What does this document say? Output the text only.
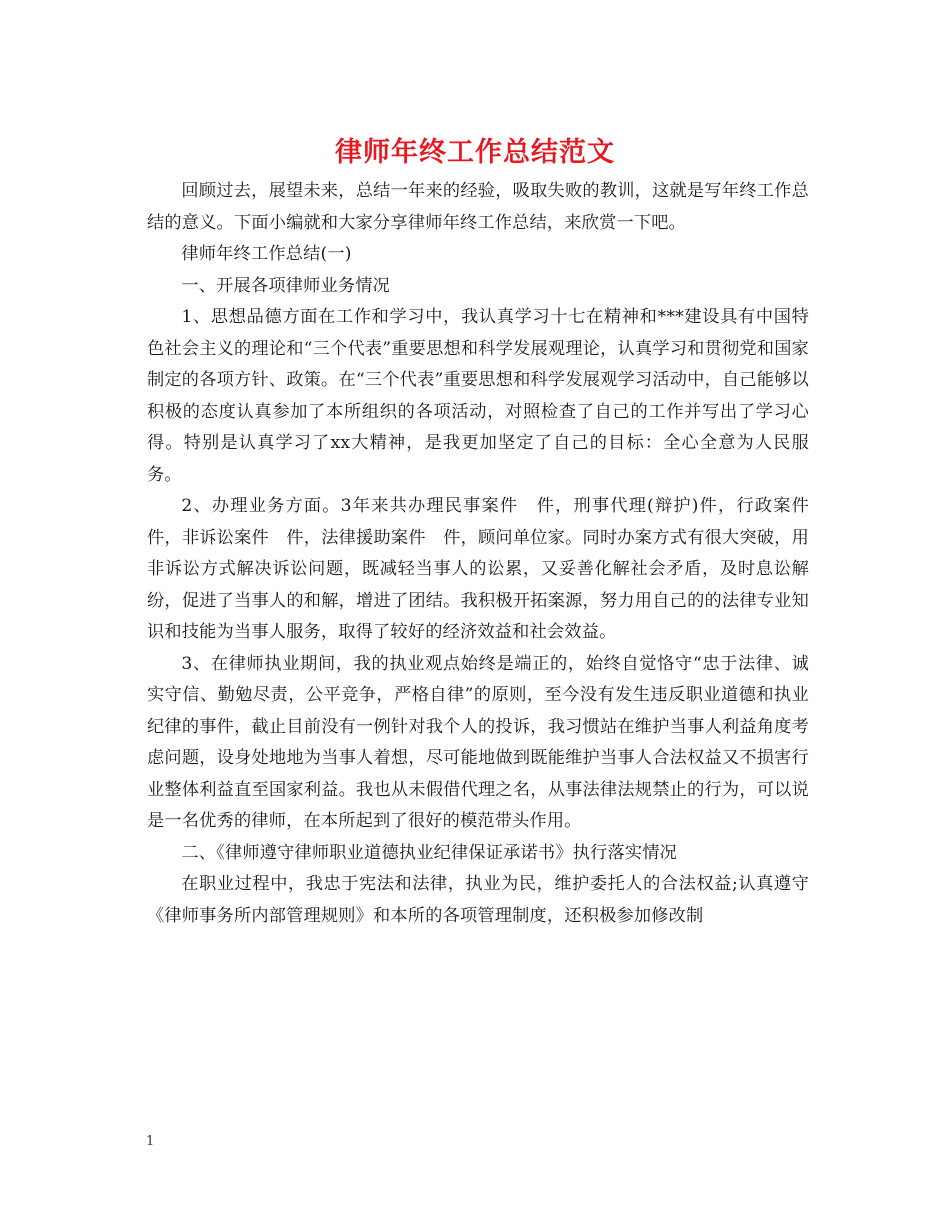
律师年终工作总结范文

回顾过去，展望未来，总结一年来的经验，吸取失败的教训，这就是写年终工作总结的意义。下面小编就和大家分享律师年终工作总结，来欣赏一下吧。

律师年终工作总结(一)

一、开展各项律师业务情况

1、思想品德方面在工作和学习中，我认真学习十七在精神和***建设具有中国特色社会主义的理论和“三个代表”重要思想和科学发展观理论，认真学习和贯彻党和国家制定的各项方针、政策。在“三个代表”重要思想和科学发展观学习活动中，自己能够以积极的态度认真参加了本所组织的各项活动，对照检查了自己的工作并写出了学习心得。特别是认真学习了xx大精神，是我更加坚定了自己的目标：全心全意为人民服务。

2、办理业务方面。3年来共办理民事案件　件，刑事代理(辩护)件，行政案件　件，非诉讼案件　件，法律援助案件　件，顾问单位家。同时办案方式有很大突破，用非诉讼方式解决诉讼问题，既减轻当事人的讼累，又妥善化解社会矛盾，及时息讼解纷，促进了当事人的和解，增进了团结。我积极开拓案源，努力用自己的的法律专业知识和技能为当事人服务，取得了较好的经济效益和社会效益。

3、在律师执业期间，我的执业观点始终是端正的，始终自觉恪守“忠于法律、诚实守信、勤勉尽责，公平竞争，严格自律”的原则，至今没有发生违反职业道德和执业纪律的事件，截止目前没有一例针对我个人的投诉，我习惯站在维护当事人利益角度考虑问题，设身处地地为当事人着想，尽可能地做到既能维护当事人合法权益又不损害行业整体利益直至国家利益。我也从未假借代理之名，从事法律法规禁止的行为，可以说是一名优秀的律师，在本所起到了很好的模范带头作用。

二、《律师遵守律师职业道德执业纪律保证承诺书》执行落实情况

在职业过程中，我忠于宪法和法律，执业为民，维护委托人的合法权益;认真遵守《律师事务所内部管理规则》和本所的各项管理制度，还积极参加修改制

1
